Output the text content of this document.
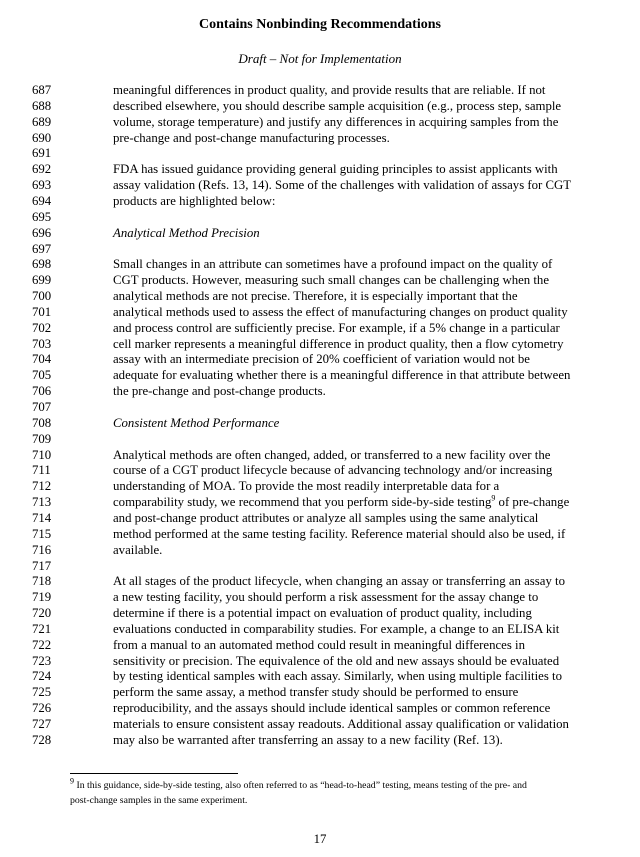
Contains Nonbinding Recommendations
Draft – Not for Implementation
687	meaningful differences in product quality, and provide results that are reliable. If not
688	described elsewhere, you should describe sample acquisition (e.g., process step, sample
689	volume, storage temperature) and justify any differences in acquiring samples from the
690	pre-change and post-change manufacturing processes.
691
692	FDA has issued guidance providing general guiding principles to assist applicants with
693	assay validation (Refs. 13, 14). Some of the challenges with validation of assays for CGT
694	products are highlighted below:
695
696	Analytical Method Precision
697
698	Small changes in an attribute can sometimes have a profound impact on the quality of
699	CGT products. However, measuring such small changes can be challenging when the
700	analytical methods are not precise. Therefore, it is especially important that the
701	analytical methods used to assess the effect of manufacturing changes on product quality
702	and process control are sufficiently precise. For example, if a 5% change in a particular
703	cell marker represents a meaningful difference in product quality, then a flow cytometry
704	assay with an intermediate precision of 20% coefficient of variation would not be
705	adequate for evaluating whether there is a meaningful difference in that attribute between
706	the pre-change and post-change products.
707
708	Consistent Method Performance
709
710	Analytical methods are often changed, added, or transferred to a new facility over the
711	course of a CGT product lifecycle because of advancing technology and/or increasing
712	understanding of MOA. To provide the most readily interpretable data for a
713	comparability study, we recommend that you perform side-by-side testing$^9$ of pre-change
714	and post-change product attributes or analyze all samples using the same analytical
715	method performed at the same testing facility. Reference material should also be used, if
716	available.
717
718	At all stages of the product lifecycle, when changing an assay or transferring an assay to
719	a new testing facility, you should perform a risk assessment for the assay change to
720	determine if there is a potential impact on evaluation of product quality, including
721	evaluations conducted in comparability studies. For example, a change to an ELISA kit
722	from a manual to an automated method could result in meaningful differences in
723	sensitivity or precision. The equivalence of the old and new assays should be evaluated
724	by testing identical samples with each assay. Similarly, when using multiple facilities to
725	perform the same assay, a method transfer study should be performed to ensure
726	reproducibility, and the assays should include identical samples or common reference
727	materials to ensure consistent assay readouts. Additional assay qualification or validation
728	may also be warranted after transferring an assay to a new facility (Ref. 13).
$^9$ In this guidance, side-by-side testing, also often referred to as “head-to-head” testing, means testing of the pre- and
post-change samples in the same experiment.
17
